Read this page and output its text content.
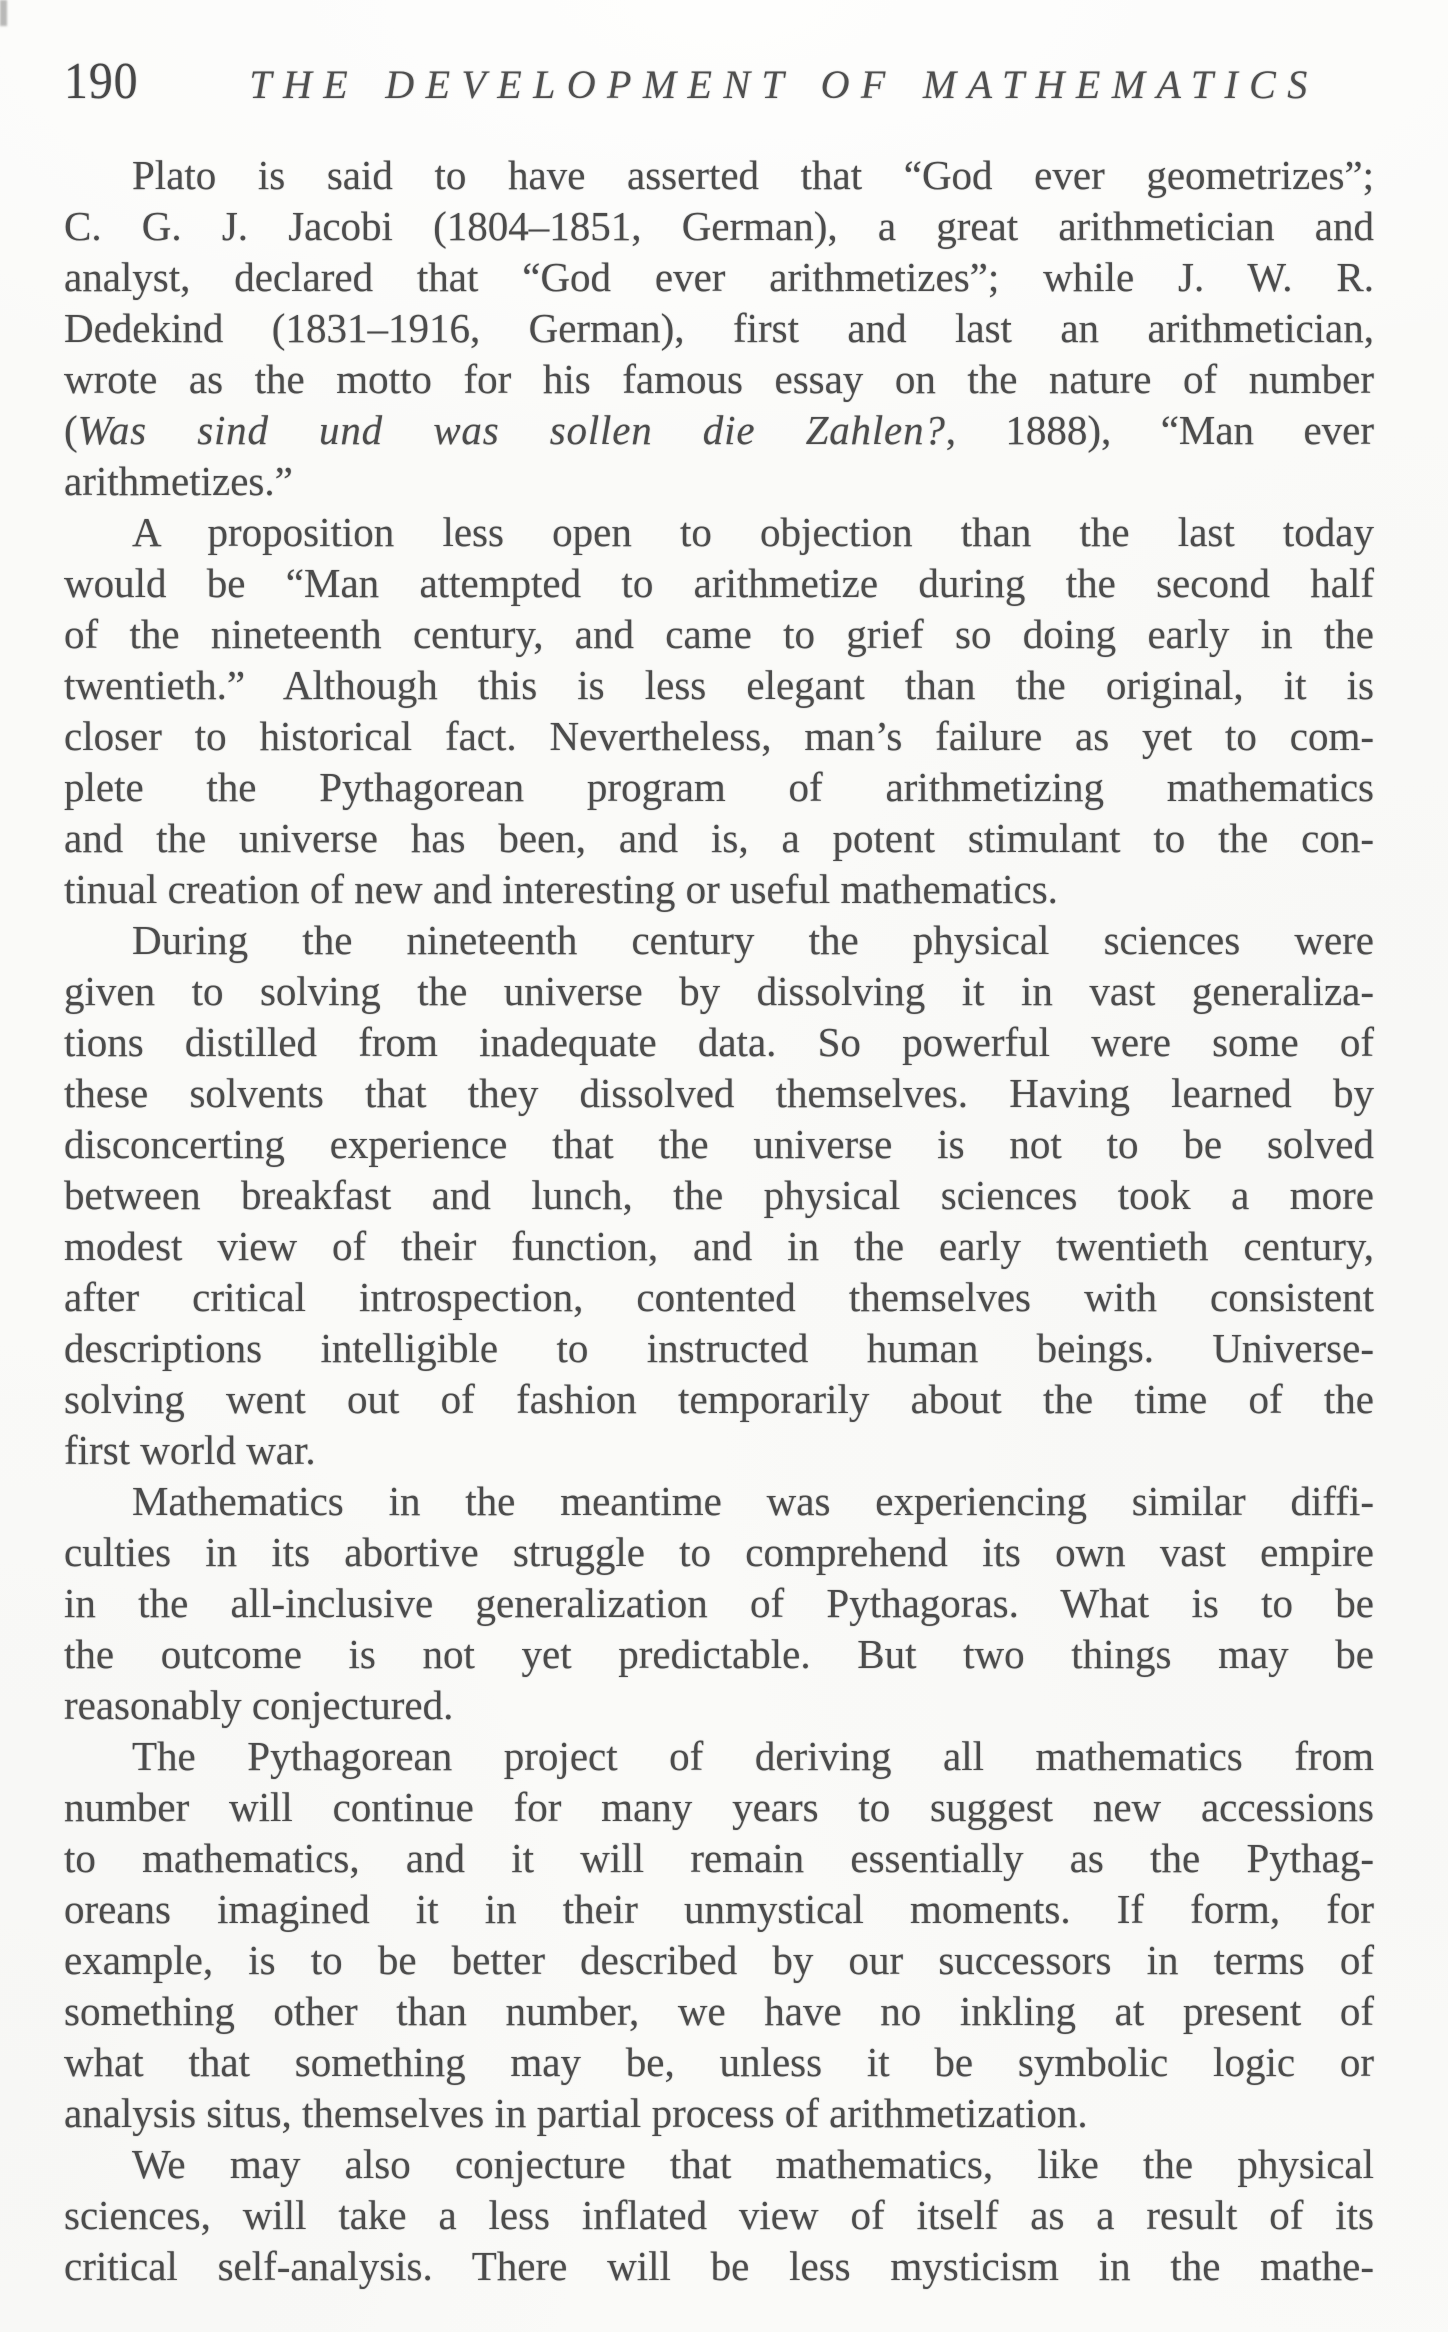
190	THE DEVELOPMENT OF MATHEMATICS
Plato is said to have asserted that “God ever geometrizes”;
C. G. J. Jacobi (1804–1851, German), a great arithmetician and
analyst, declared that “God ever arithmetizes”; while J. W. R.
Dedekind (1831–1916, German), first and last an arithmetician,
wrote as the motto for his famous essay on the nature of number
(Was sind und was sollen die Zahlen?, 1888), “Man ever
arithmetizes.”
A proposition less open to objection than the last today
would be “Man attempted to arithmetize during the second half
of the nineteenth century, and came to grief so doing early in the
twentieth.” Although this is less elegant than the original, it is
closer to historical fact. Nevertheless, man’s failure as yet to com-
plete the Pythagorean program of arithmetizing mathematics
and the universe has been, and is, a potent stimulant to the con-
tinual creation of new and interesting or useful mathematics.
During the nineteenth century the physical sciences were
given to solving the universe by dissolving it in vast generaliza-
tions distilled from inadequate data. So powerful were some of
these solvents that they dissolved themselves. Having learned by
disconcerting experience that the universe is not to be solved
between breakfast and lunch, the physical sciences took a more
modest view of their function, and in the early twentieth century,
after critical introspection, contented themselves with consistent
descriptions intelligible to instructed human beings. Universe-
solving went out of fashion temporarily about the time of the
first world war.
Mathematics in the meantime was experiencing similar diffi-
culties in its abortive struggle to comprehend its own vast empire
in the all-inclusive generalization of Pythagoras. What is to be
the outcome is not yet predictable. But two things may be
reasonably conjectured.
The Pythagorean project of deriving all mathematics from
number will continue for many years to suggest new accessions
to mathematics, and it will remain essentially as the Pythag-
oreans imagined it in their unmystical moments. If form, for
example, is to be better described by our successors in terms of
something other than number, we have no inkling at present of
what that something may be, unless it be symbolic logic or
analysis situs, themselves in partial process of arithmetization.
We may also conjecture that mathematics, like the physical
sciences, will take a less inflated view of itself as a result of its
critical self-analysis. There will be less mysticism in the mathe-
